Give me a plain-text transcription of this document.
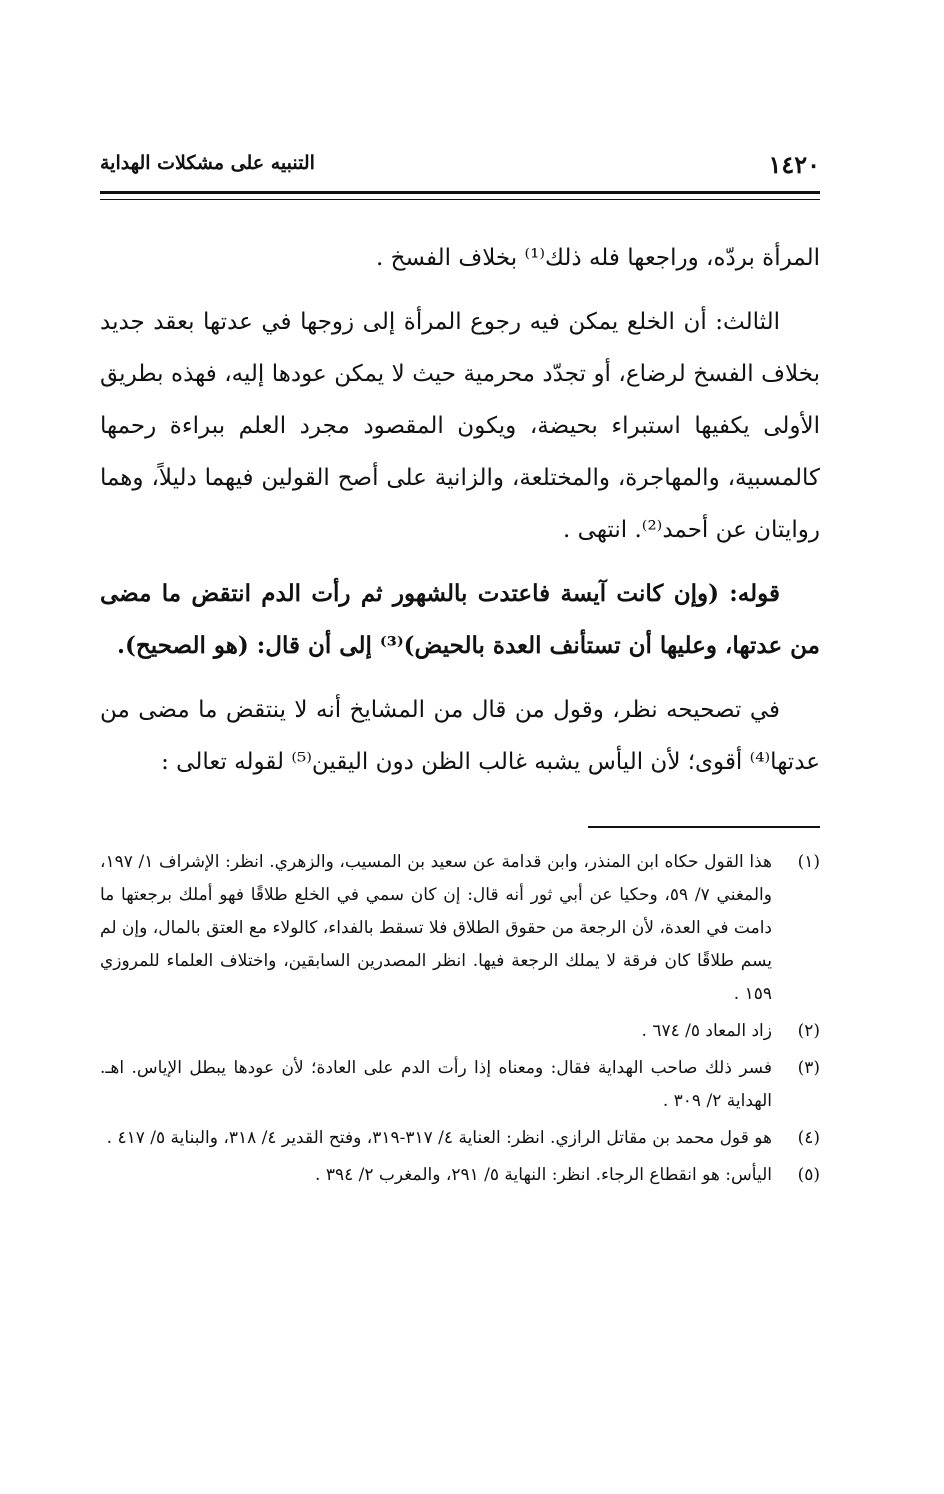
١٤٢٠
التنبيه على مشكلات الهداية

المرأة بردّه، وراجعها فله ذلك⁽¹⁾ بخلاف الفسخ .

الثالث: أن الخلع يمكن فيه رجوع المرأة إلى زوجها في عدتها بعقد جديد بخلاف الفسخ لرضاع، أو تجدّد محرمية حيث لا يمكن عودها إليه، فهذه بطريق الأولى يكفيها استبراء بحيضة، ويكون المقصود مجرد العلم ببراءة رحمها كالمسبية، والمهاجرة، والمختلعة، والزانية على أصح القولين فيهما دليلاً، وهما روايتان عن أحمد⁽²⁾. انتهى .

قوله: (وإن كانت آيسة فاعتدت بالشهور ثم رأت الدم انتقض ما مضى من عدتها، وعليها أن تستأنف العدة بالحيض)⁽³⁾ إلى أن قال: (هو الصحيح).

في تصحيحه نظر، وقول من قال من المشايخ أنه لا ينتقض ما مضى من عدتها⁽⁴⁾ أقوى؛ لأن اليأس يشبه غالب الظن دون اليقين⁽⁵⁾ لقوله تعالى :

(١)
هذا القول حكاه ابن المنذر، وابن قدامة عن سعيد بن المسيب، والزهري. انظر: الإشراف ١/ ١٩٧، والمغني ٧/ ٥٩، وحكيا عن أبي ثور أنه قال: إن كان سمي في الخلع طلاقًا فهو أملك برجعتها ما دامت في العدة، لأن الرجعة من حقوق الطلاق فلا تسقط بالفداء، كالولاء مع العتق بالمال، وإن لم يسم طلاقًا كان فرقة لا يملك الرجعة فيها. انظر المصدرين السابقين، واختلاف العلماء للمروزي ١٥٩ .
(٢)
زاد المعاد ٥/ ٦٧٤ .
(٣)
فسر ذلك صاحب الهداية فقال: ومعناه إذا رأت الدم على العادة؛ لأن عودها يبطل الإياس. اهـ. الهداية ٢/ ٣٠٩ .
(٤)
هو قول محمد بن مقاتل الرازي. انظر: العناية ٤/ ٣١٧-٣١٩، وفتح القدير ٤/ ٣١٨، والبناية ٥/ ٤١٧ .
(٥)
اليأس: هو انقطاع الرجاء. انظر: النهاية ٥/ ٢٩١، والمغرب ٢/ ٣٩٤ .
